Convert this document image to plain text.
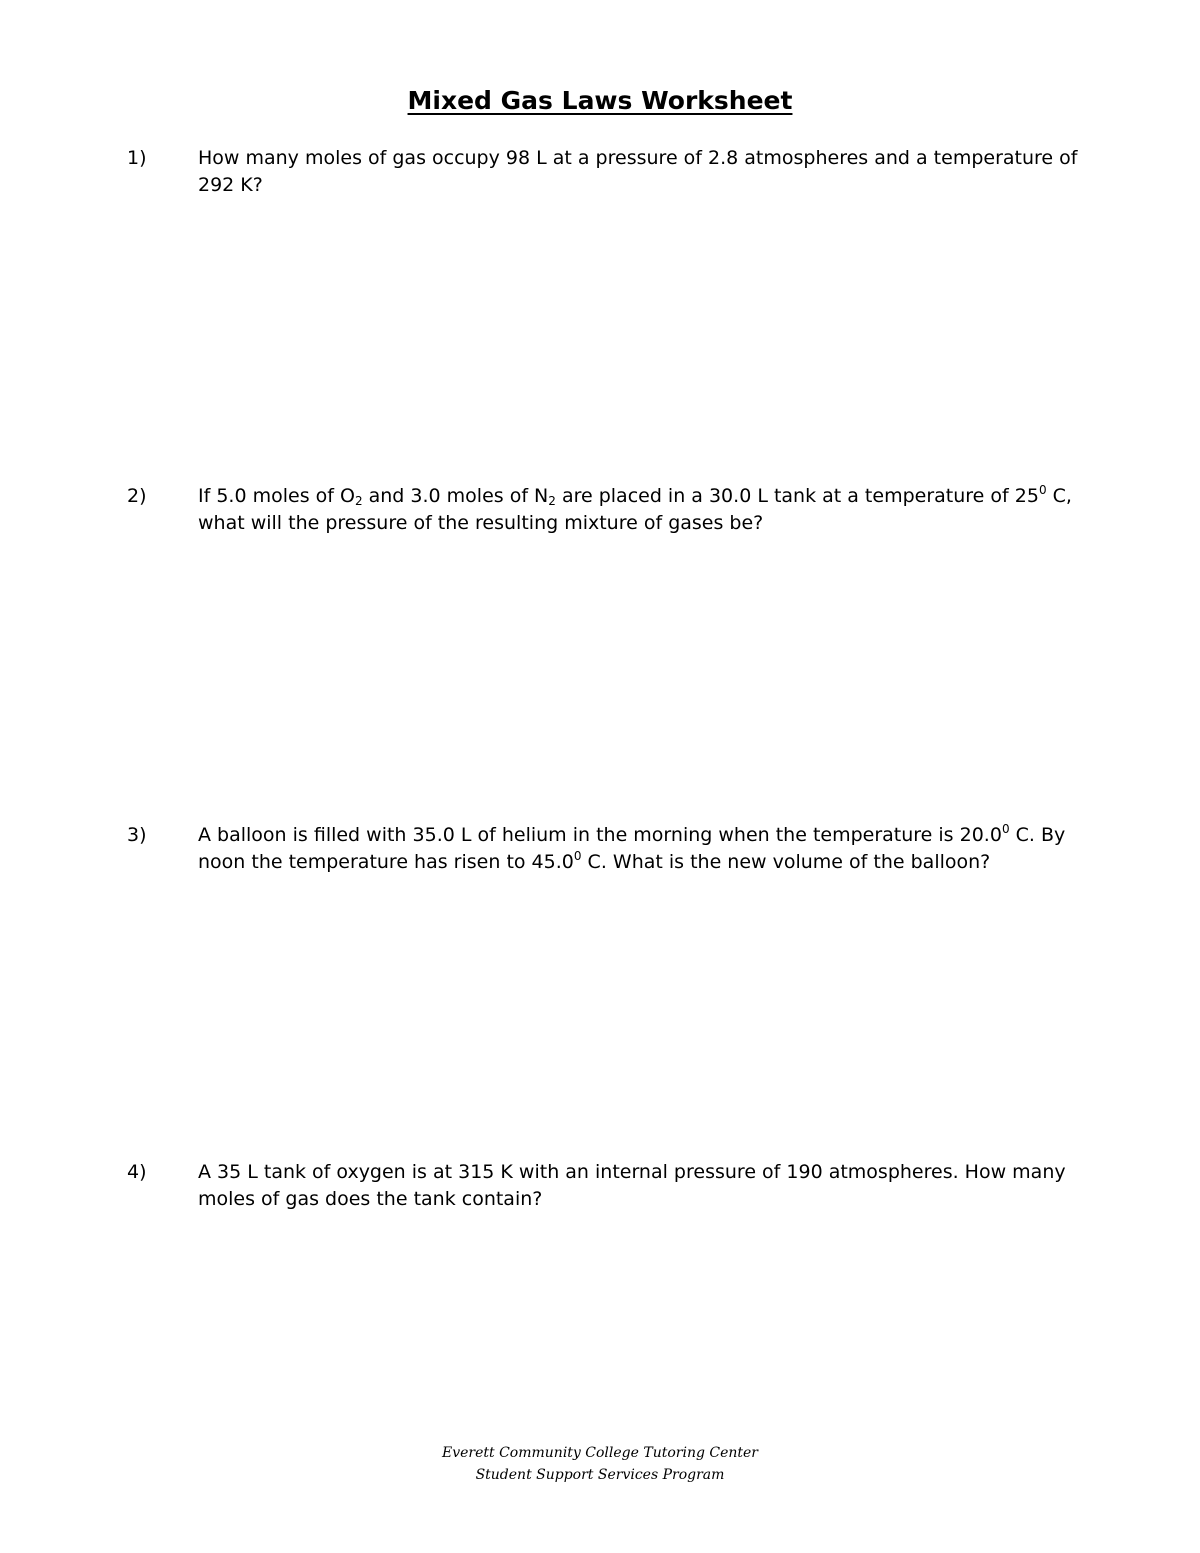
Mixed Gas Laws Worksheet
1)	How many moles of gas occupy 98 L at a pressure of 2.8 atmospheres and a temperature of 292 K?
2)	If 5.0 moles of $O_2$ and 3.0 moles of $N_2$ are placed in a 30.0 L tank at a temperature of $25^0$ C, what will the pressure of the resulting mixture of gases be?
3)	A balloon is filled with 35.0 L of helium in the morning when the temperature is 20.0$^0$ C. By noon the temperature has risen to 45.0$^0$ C. What is the new volume of the balloon?
4)	A 35 L tank of oxygen is at 315 K with an internal pressure of 190 atmospheres. How many moles of gas does the tank contain?
Everett Community College Tutoring Center
Student Support Services Program
